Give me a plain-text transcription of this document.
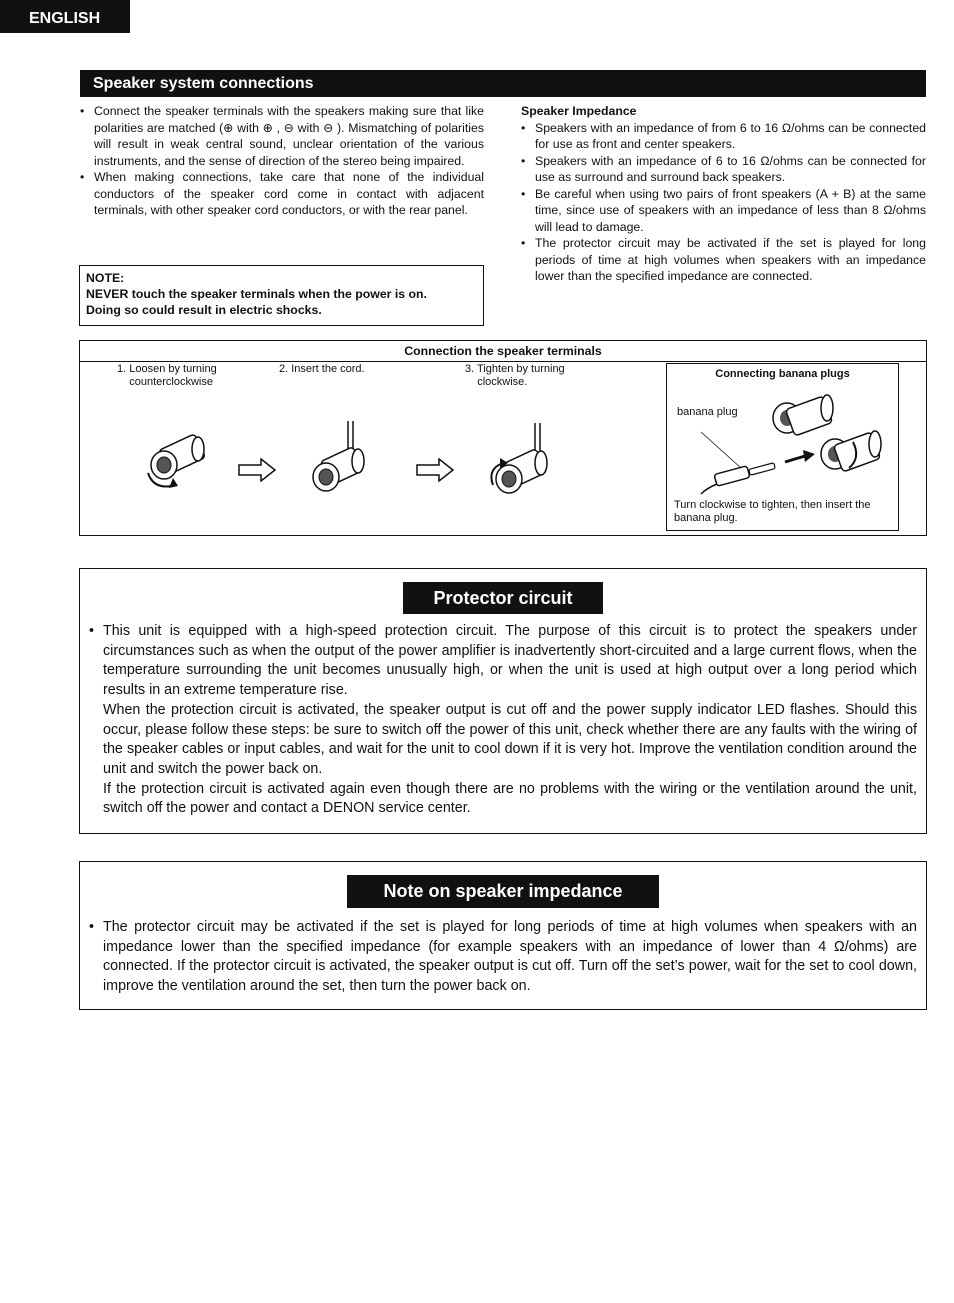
ENGLISH
Speaker system connections
• Connect the speaker terminals with the speakers making sure that like polarities are matched (⊕ with ⊕ , ⊖ with ⊖ ). Mismatching of polarities will result in weak central sound, unclear orientation of the various instruments, and the sense of direction of the stereo being impaired.
• When making connections, take care that none of the individual conductors of the speaker cord come in contact with adjacent terminals, with other speaker cord conductors, or with the rear panel.
NOTE:
NEVER touch the speaker terminals when the power is on.
Doing so could result in electric shocks.
Speaker Impedance
• Speakers with an impedance of from 6 to 16 Ω/ohms can be connected for use as front and center speakers.
• Speakers with an impedance of 6 to 16 Ω/ohms can be connected for use as surround and surround back speakers.
• Be careful when using two pairs of front speakers (A + B) at the same time, since use of speakers with an impedance of less than 8 Ω/ohms will lead to damage.
• The protector circuit may be activated if the set is played for long periods of time at high volumes when speakers with an impedance lower than the specified impedance are connected.
Connection the speaker terminals
1. Loosen by turning
counterclockwise
2. Insert the cord.	3. Tighten by turning
clockwise.
Connecting banana plugs
banana plug
Turn clockwise to tighten, then insert the banana plug.
Protector circuit
• This unit is equipped with a high-speed protection circuit. The purpose of this circuit is to protect the speakers under circumstances such as when the output of the power amplifier is inadvertently short-circuited and a large current flows, when the temperature surrounding the unit becomes unusually high, or when the unit is used at high output over a long period which results in an extreme temperature rise.

When the protection circuit is activated, the speaker output is cut off and the power supply indicator LED flashes. Should this occur, please follow these steps: be sure to switch off the power of this unit, check whether there are any faults with the wiring of the speaker cables or input cables, and wait for the unit to cool down if it is very hot. Improve the ventilation condition around the unit and switch the power back on.

If the protection circuit is activated again even though there are no problems with the wiring or the ventilation around the unit, switch off the power and contact a DENON service center.

Note on speaker impedance
• The protector circuit may be activated if the set is played for long periods of time at high volumes when speakers with an impedance lower than the specified impedance (for example speakers with an impedance of lower than 4 Ω/ohms) are connected. If the protector circuit is activated, the speaker output is cut off. Turn off the set’s power, wait for the set to cool down, improve the ventilation around the set, then turn the power back on.
